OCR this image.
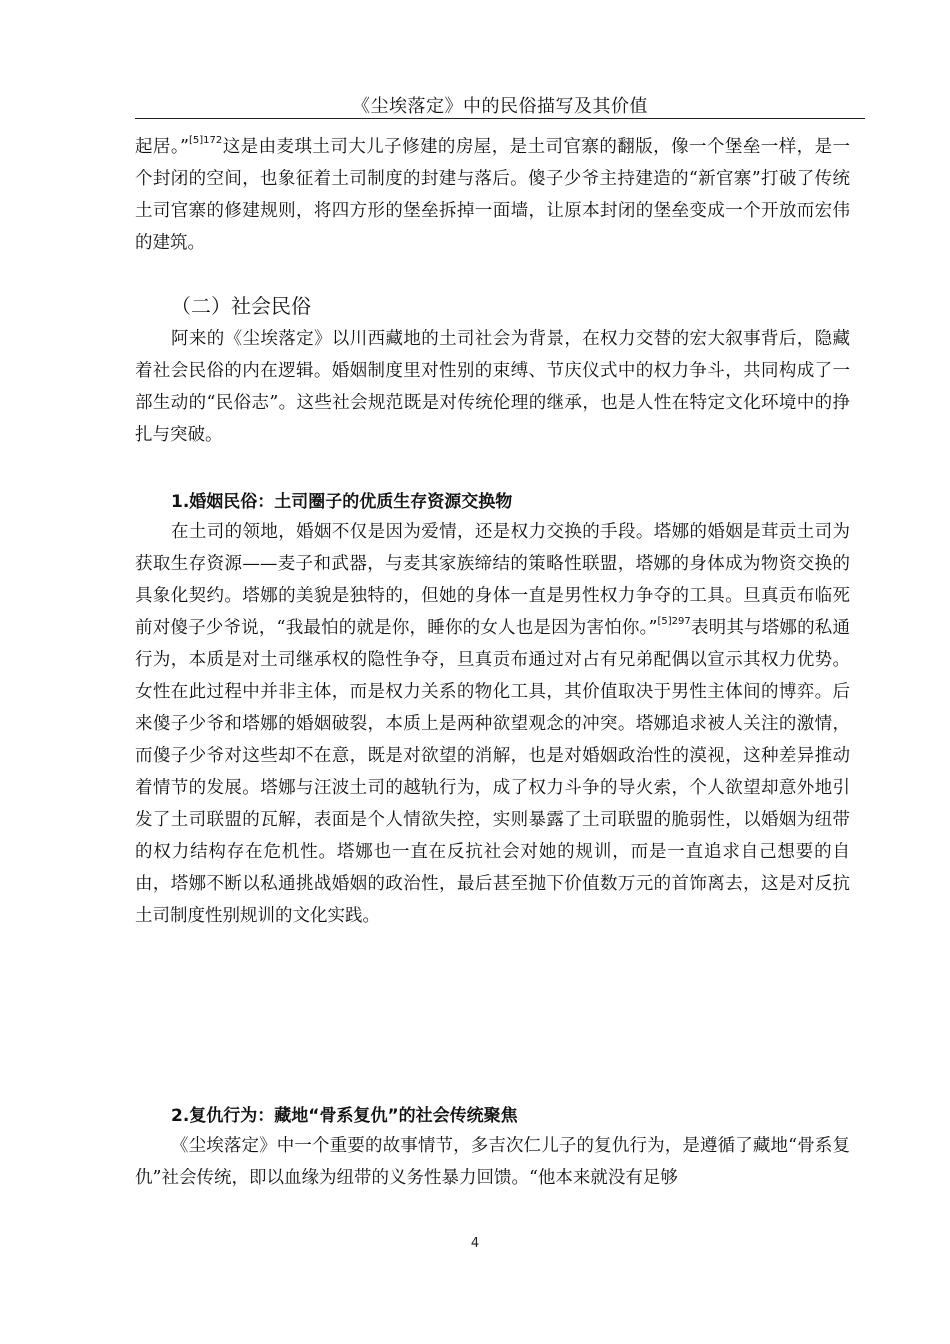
《尘埃落定》中的民俗描写及其价值

起居。”$^{[5]172}$这是由麦琪土司大儿子修建的房屋，是土司官寨的翻版，像一个堡垒一样，是一个封闭的空间，也象征着土司制度的封建与落后。傻子少爷主持建造的“新官寨”打破了传统土司官寨的修建规则，将四方形的堡垒拆掉一面墙，让原本封闭的堡垒变成一个开放而宏伟的建筑。

（二）社会民俗

阿来的《尘埃落定》以川西藏地的土司社会为背景，在权力交替的宏大叙事背后，隐藏着社会民俗的内在逻辑。婚姻制度里对性别的束缚、节庆仪式中的权力争斗，共同构成了一部生动的“民俗志”。这些社会规范既是对传统伦理的继承，也是人性在特定文化环境中的挣扎与突破。

1.婚姻民俗：土司圈子的优质生存资源交换物

在土司的领地，婚姻不仅是因为爱情，还是权力交换的手段。塔娜的婚姻是茸贡土司为获取生存资源——麦子和武器，与麦其家族缔结的策略性联盟，塔娜的身体成为物资交换的具象化契约。塔娜的美貌是独特的，但她的身体一直是男性权力争夺的工具。旦真贡布临死前对傻子少爷说，“我最怕的就是你，睡你的女人也是因为害怕你。”$^{[5]297}$表明其与塔娜的私通行为，本质是对土司继承权的隐性争夺，旦真贡布通过对占有兄弟配偶以宣示其权力优势。女性在此过程中并非主体，而是权力关系的物化工具，其价值取决于男性主体间的博弈。后来傻子少爷和塔娜的婚姻破裂，本质上是两种欲望观念的冲突。塔娜追求被人关注的激情，而傻子少爷对这些却不在意，既是对欲望的消解，也是对婚姻政治性的漠视，这种差异推动着情节的发展。塔娜与汪波土司的越轨行为，成了权力斗争的导火索，个人欲望却意外地引发了土司联盟的瓦解，表面是个人情欲失控，实则暴露了土司联盟的脆弱性，以婚姻为纽带的权力结构存在危机性。塔娜也一直在反抗社会对她的规训，而是一直追求自己想要的自由，塔娜不断以私通挑战婚姻的政治性，最后甚至抛下价值数万元的首饰离去，这是对反抗土司制度性别规训的文化实践。

2.复仇行为：藏地“骨系复仇”的社会传统聚焦

《尘埃落定》中一个重要的故事情节，多吉次仁儿子的复仇行为，是遵循了藏地“骨系复仇”社会传统，即以血缘为纽带的义务性暴力回馈。“他本来就没有足够

4
